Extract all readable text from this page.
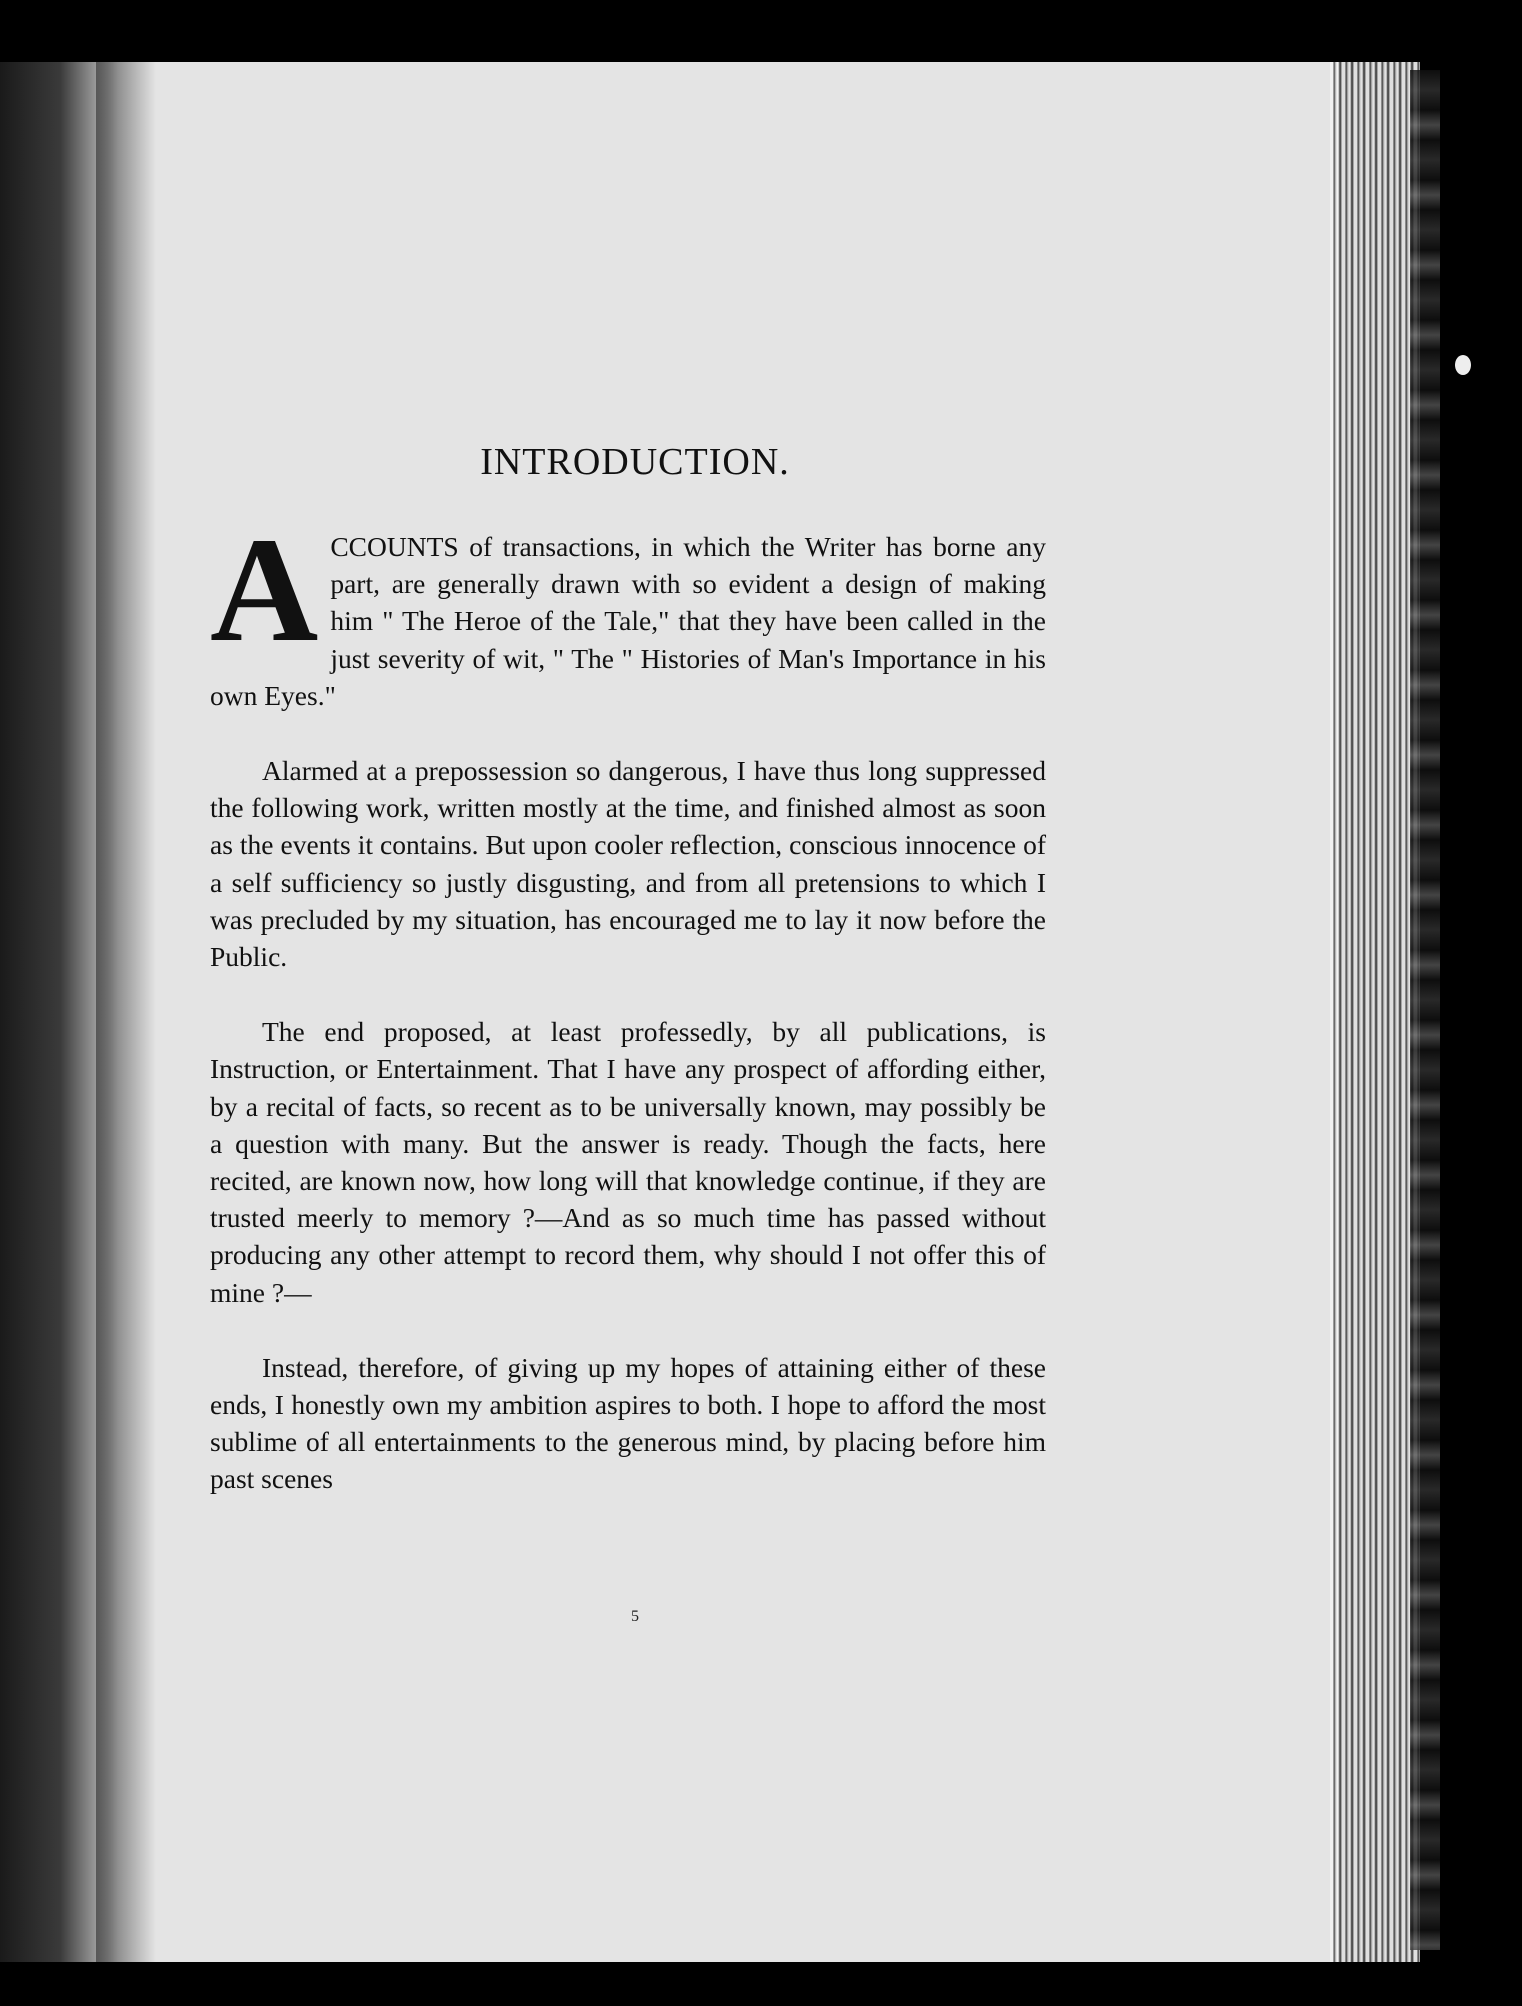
INTRODUCTION.

A CCOUNTS of transactions, in which the Writer has borne any part, are generally drawn with so evident a design of making him " The Heroe of the Tale," that they have been called in the just severity of wit, " The " Histories of Man's Importance in his own Eyes."

Alarmed at a prepossession so dangerous, I have thus long suppressed the following work, written mostly at the time, and finished almost as soon as the events it contains. But upon cooler reflection, conscious innocence of a self sufficiency so justly disgusting, and from all pretensions to which I was precluded by my situation, has encouraged me to lay it now before the Public.

The end proposed, at least professedly, by all publications, is Instruction, or Entertainment. That I have any prospect of affording either, by a recital of facts, so recent as to be universally known, may possibly be a question with many. But the answer is ready. Though the facts, here recited, are known now, how long will that knowledge continue, if they are trusted meerly to memory ?—And as so much time has passed without producing any other attempt to record them, why should I not offer this of mine ?—

Instead, therefore, of giving up my hopes of attaining either of these ends, I honestly own my ambition aspires to both. I hope to afford the most sublime of all entertainments to the generous mind, by placing before him past scenes

5
